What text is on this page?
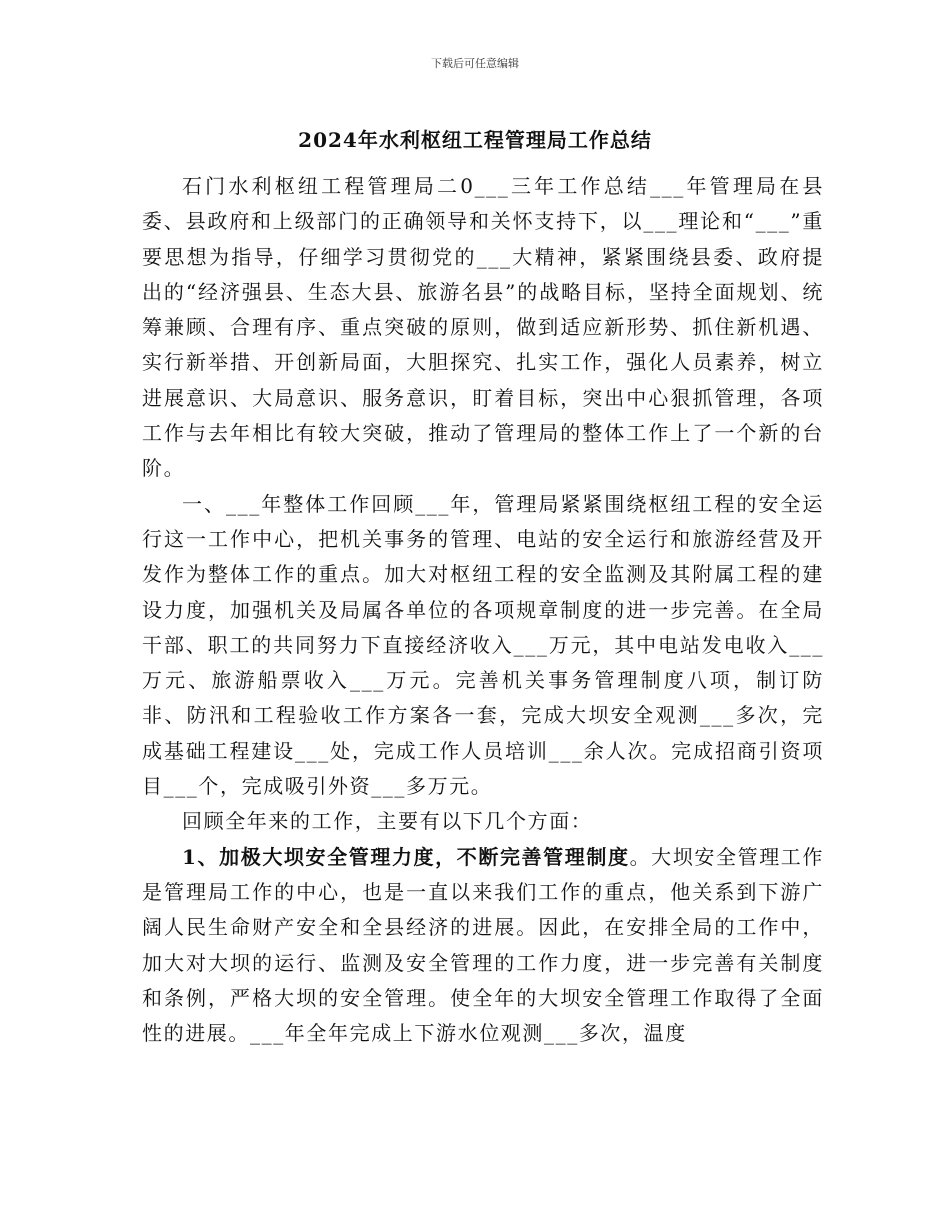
下载后可任意编辑
2024年水利枢纽工程管理局工作总结

石门水利枢纽工程管理局二0___三年工作总结___年管理局在县委、县政府和上级部门的正确领导和关怀支持下，以___理论和“___”重要思想为指导，仔细学习贯彻党的___大精神，紧紧围绕县委、政府提出的“经济强县、生态大县、旅游名县”的战略目标，坚持全面规划、统筹兼顾、合理有序、重点突破的原则，做到适应新形势、抓住新机遇、实行新举措、开创新局面，大胆探究、扎实工作，强化人员素养，树立进展意识、大局意识、服务意识，盯着目标，突出中心狠抓管理，各项工作与去年相比有较大突破，推动了管理局的整体工作上了一个新的台阶。

一、___年整体工作回顾___年，管理局紧紧围绕枢纽工程的安全运行这一工作中心，把机关事务的管理、电站的安全运行和旅游经营及开发作为整体工作的重点。加大对枢纽工程的安全监测及其附属工程的建设力度，加强机关及局属各单位的各项规章制度的进一步完善。在全局干部、职工的共同努力下直接经济收入___万元，其中电站发电收入___万元、旅游船票收入___万元。完善机关事务管理制度八项，制订防非、防汛和工程验收工作方案各一套，完成大坝安全观测___多次，完成基础工程建设___处，完成工作人员培训___余人次。完成招商引资项目___个，完成吸引外资___多万元。

回顾全年来的工作，主要有以下几个方面：

1、加极大坝安全管理力度，不断完善管理制度。大坝安全管理工作是管理局工作的中心，也是一直以来我们工作的重点，他关系到下游广阔人民生命财产安全和全县经济的进展。因此，在安排全局的工作中，加大对大坝的运行、监测及安全管理的工作力度，进一步完善有关制度和条例，严格大坝的安全管理。使全年的大坝安全管理工作取得了全面性的进展。___年全年完成上下游水位观测___多次，温度
